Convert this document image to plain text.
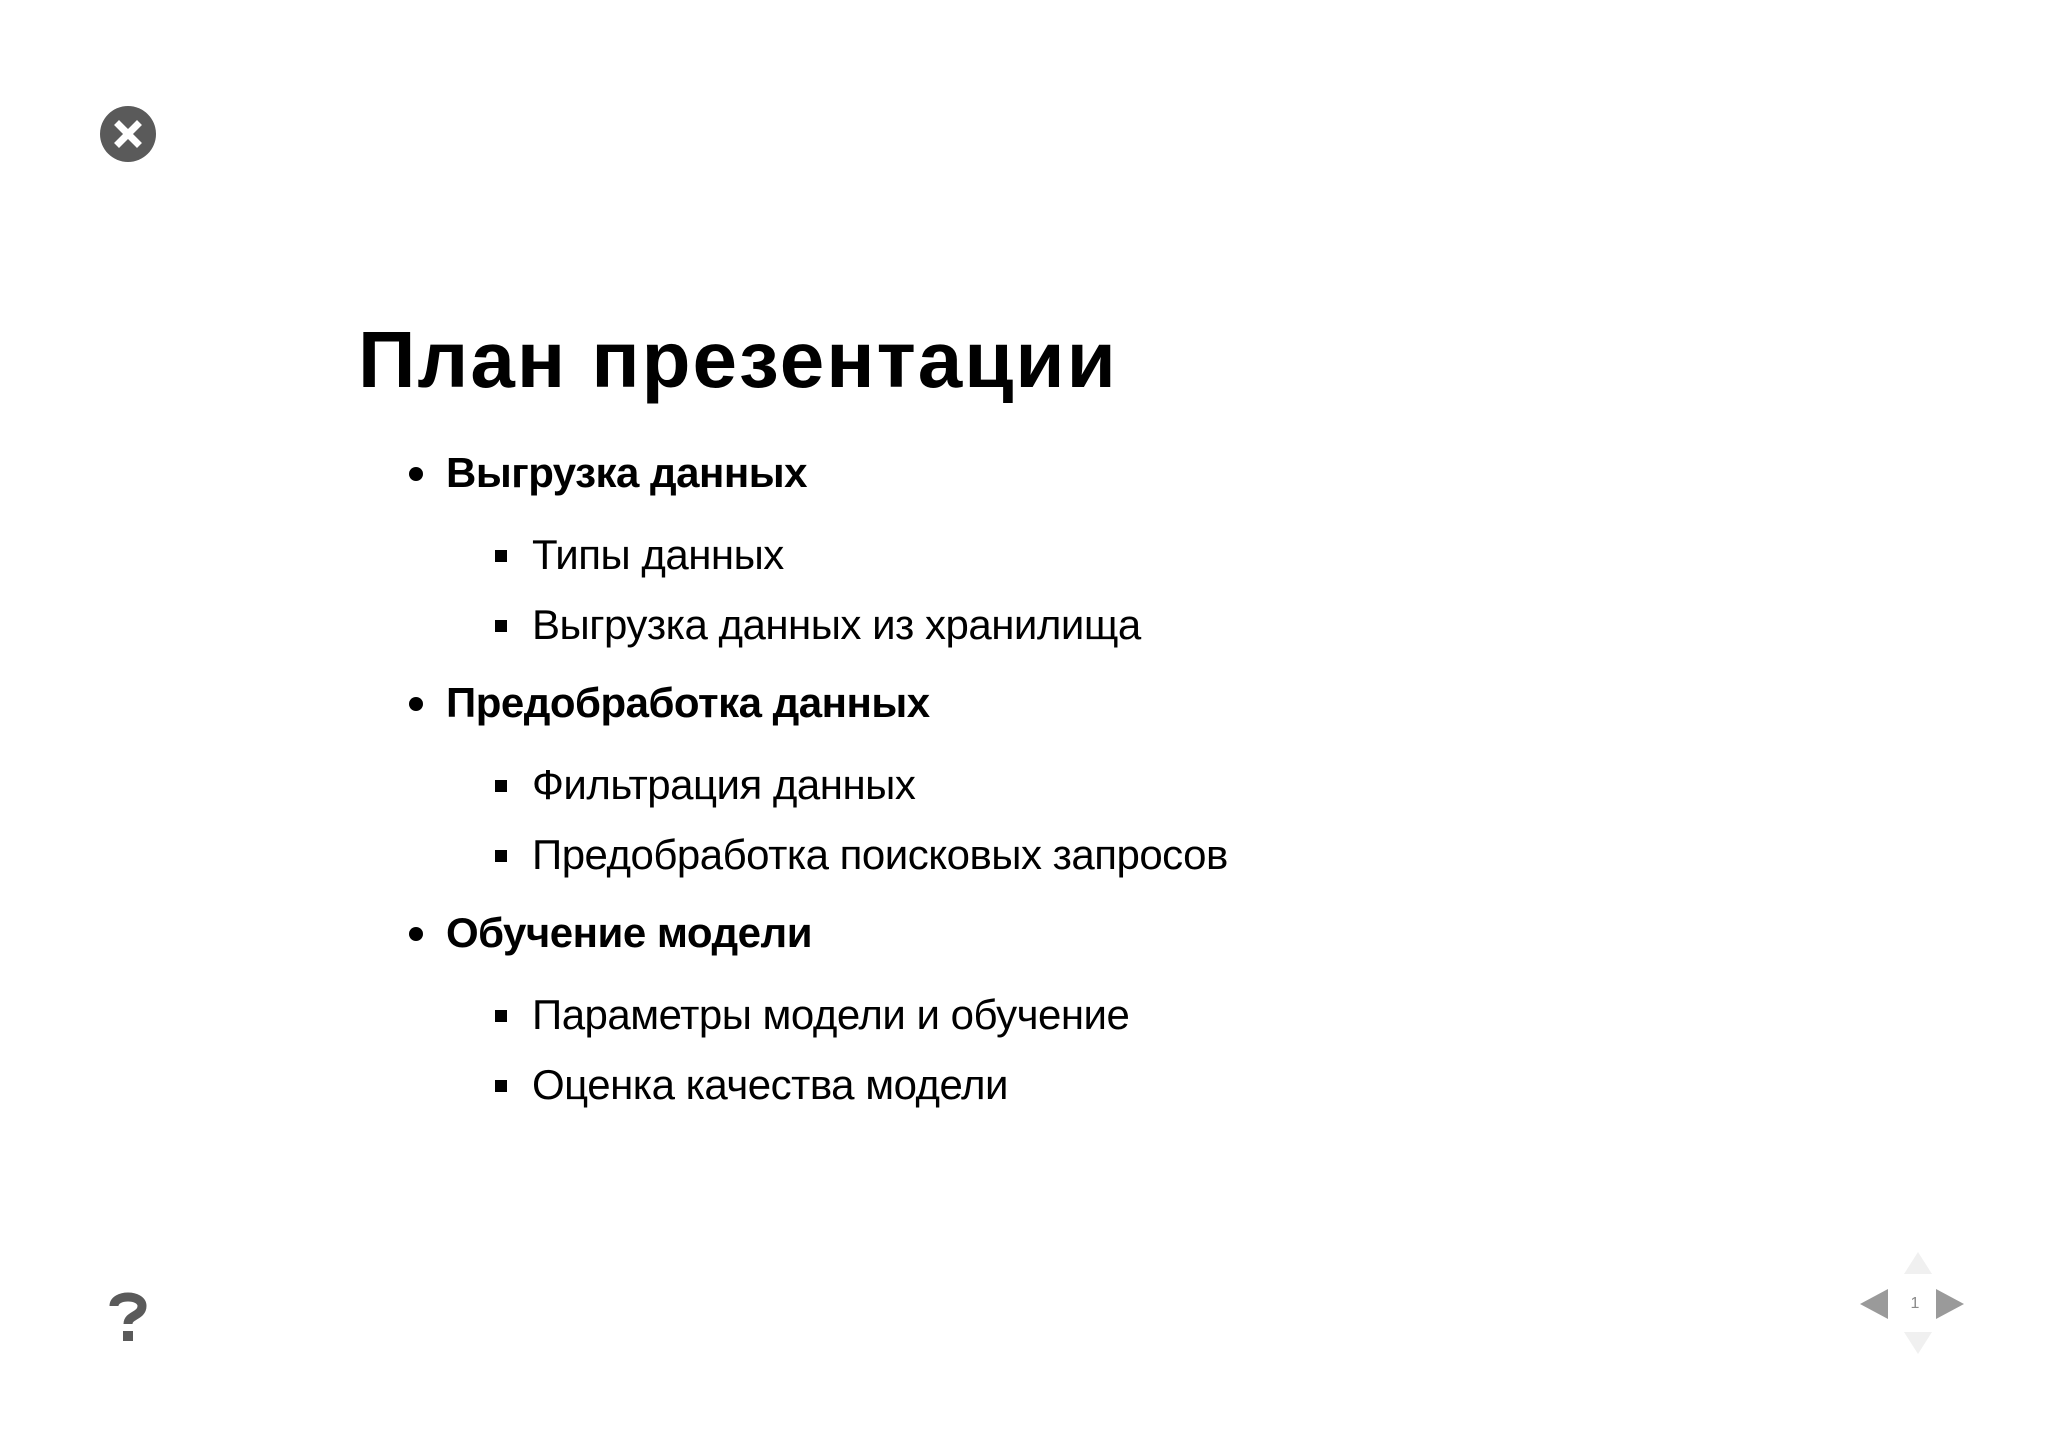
План презентации
Выгрузка данных
Типы данных
Выгрузка данных из хранилища
Предобработка данных
Фильтрация данных
Предобработка поисковых запросов
Обучение модели
Параметры модели и обучение
Оценка качества модели
1
